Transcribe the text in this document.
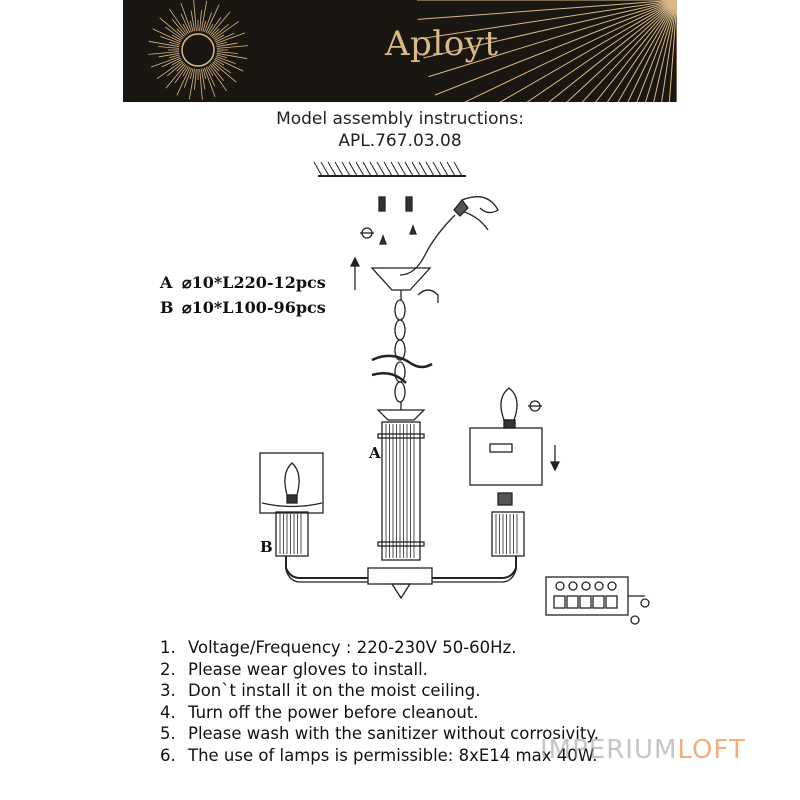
Aployt
Model assembly instructions:
APL.767.03.08
A ⌀10*L220-12pcs
B ⌀10*L100-96pcs
A
B
1. Voltage/Frequency : 220-230V 50-60Hz.
2. Please wear gloves to install.
3. Don`t install it on the moist ceiling.
4. Turn off the power before cleanout.
5. Please wash with the sanitizer without corrosivity.
6. The use of lamps is permissible: 8xE14 max 40W.
IMPERIUMLOFT
